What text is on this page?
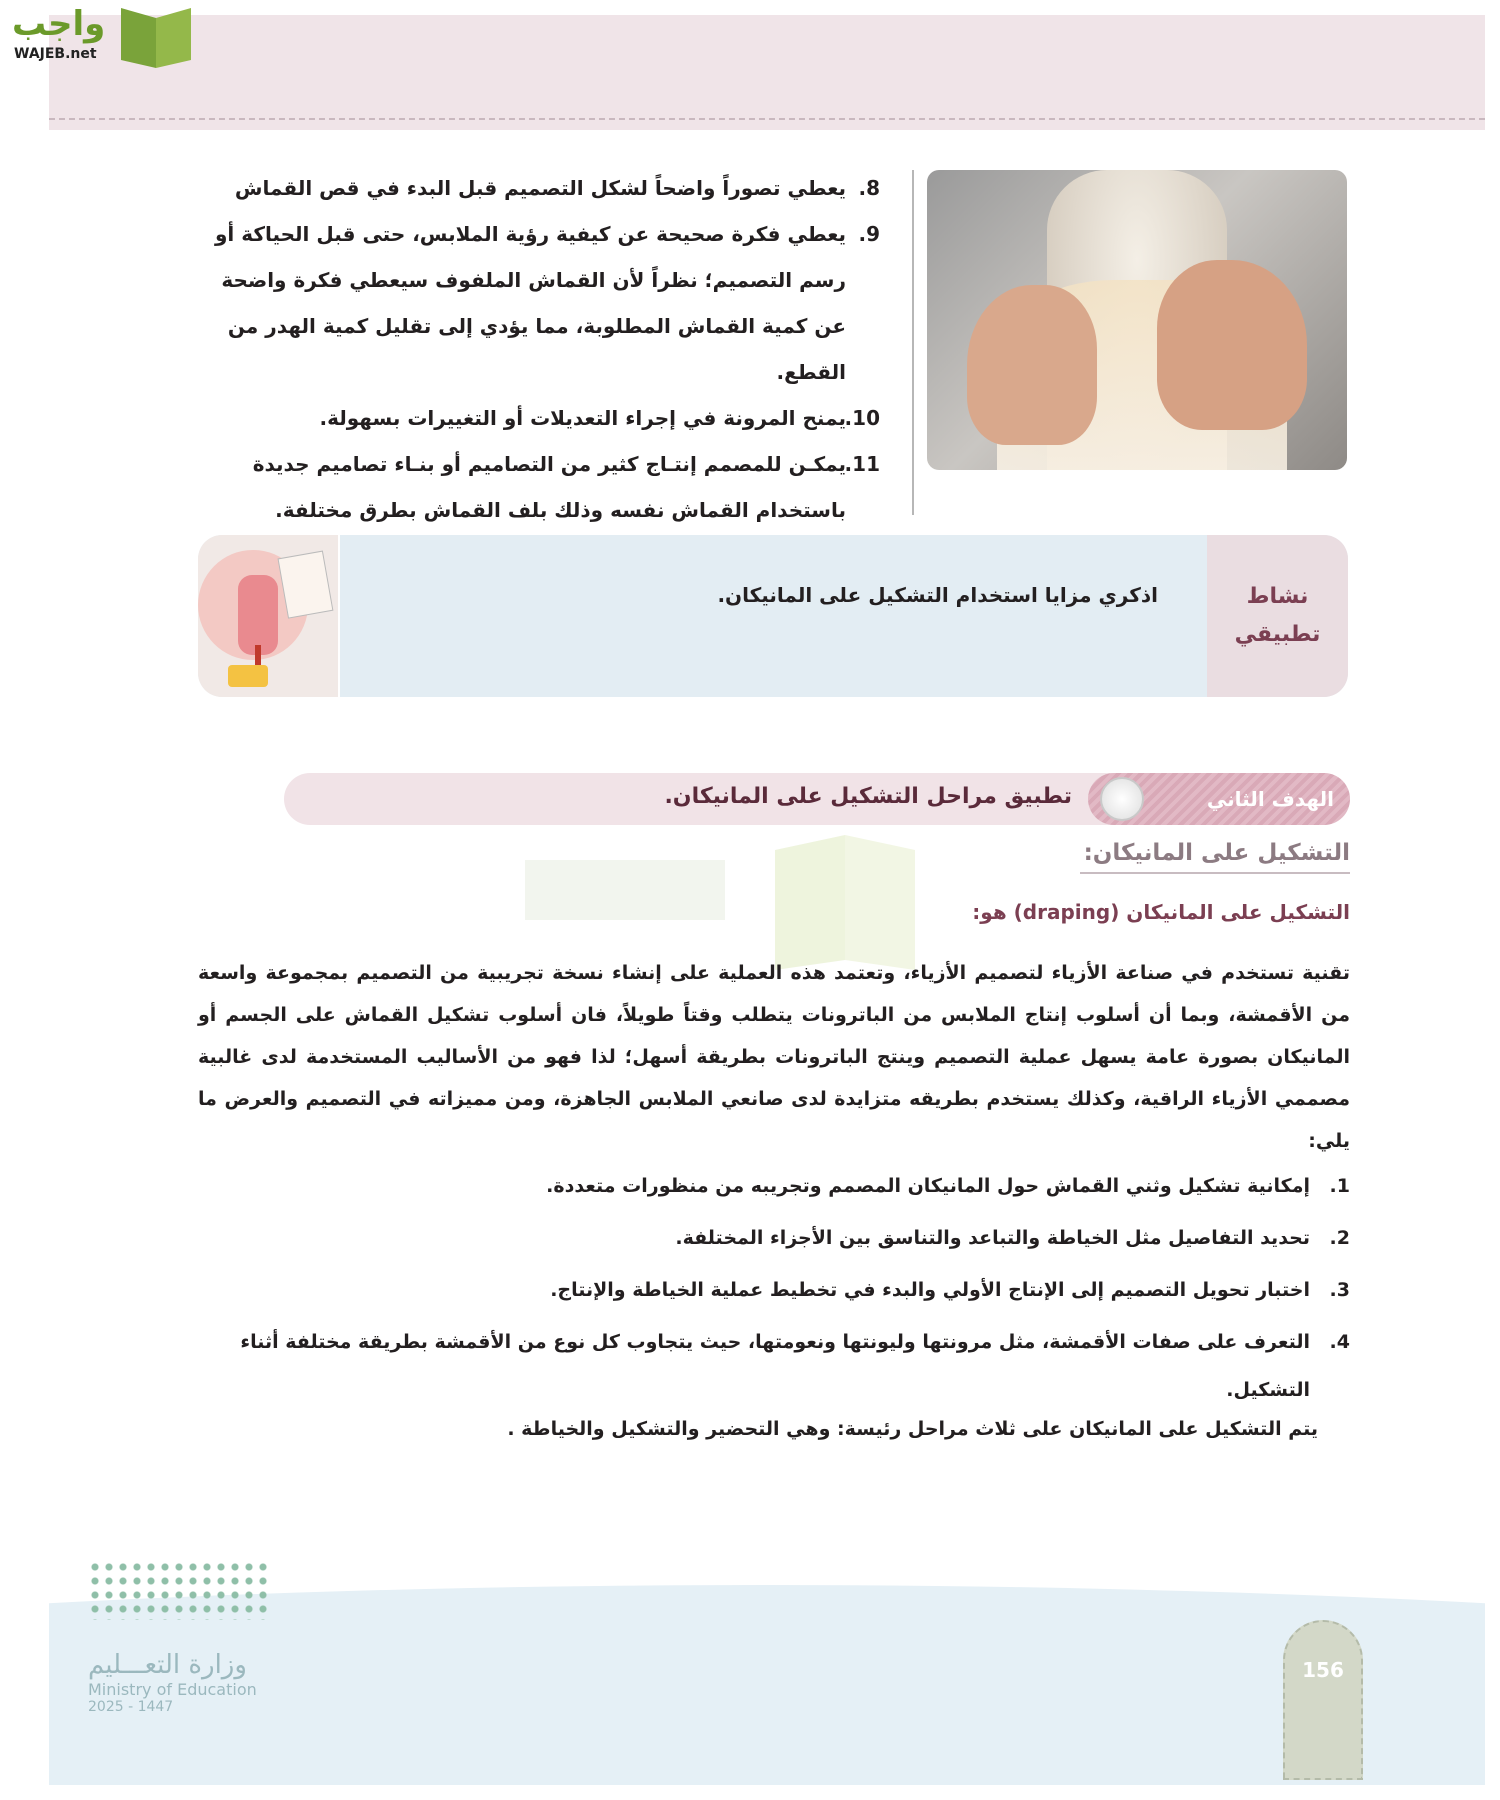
واجب
WAJEB.net
8.
يعطي تصوراً واضحاً لشكل التصميم قبل البدء في قص القماش
9.
يعطي فكرة صحيحة عن كيفية رؤية الملابس، حتى قبل الحياكة أو رسم التصميم؛ نظراً لأن القماش الملفوف سيعطي فكرة واضحة عن كمية القماش المطلوبة، مما يؤدي إلى تقليل كمية الهدر من القطع.
10.
يمنح المرونة في إجراء التعديلات أو التغييرات بسهولة.
11.
يمكـن للمصمم إنتـاج كثير من التصاميم أو بنـاء تصاميم جديدة باستخدام القماش نفسه وذلك بلف القماش بطرق مختلفة.
اذكري مزايا استخدام التشكيل على المانيكان.	نشاط
تطبيقي
الهدف الثاني
تطبيق مراحل التشكيل على المانيكان.
التشكيل على المانيكان:
التشكيل على المانيكان (draping) هو:
تقنية تستخدم في صناعة الأزياء لتصميم الأزياء، وتعتمد هذه العملية على إنشاء نسخة تجريبية من التصميم بمجموعة واسعة من الأقمشة، وبما أن أسلوب إنتاج الملابس من الباترونات يتطلب وقتاً طويلاً، فان أسلوب تشكيل القماش على الجسم أو المانيكان بصورة عامة يسهل عملية التصميم وينتج الباترونات بطريقة أسهل؛ لذا فهو من الأساليب المستخدمة لدى غالبية مصممي الأزياء الراقية، وكذلك يستخدم بطريقه متزايدة لدى صانعي الملابس الجاهزة، ومن مميزاته في التصميم والعرض ما يلي:
1.
إمكانية تشكيل وثني القماش حول المانيكان المصمم وتجريبه من منظورات متعددة.
2.
تحديد التفاصيل مثل الخياطة والتباعد والتناسق بين الأجزاء المختلفة.
3.
اختبار تحويل التصميم إلى الإنتاج الأولي والبدء في تخطيط عملية الخياطة والإنتاج.
4.
التعرف على صفات الأقمشة، مثل مرونتها وليونتها ونعومتها، حيث يتجاوب كل نوع من الأقمشة بطريقة مختلفة أثناء التشكيل.
يتم التشكيل على المانيكان على ثلاث مراحل رئيسة: وهي التحضير والتشكيل والخياطة .
وزارة التعـــليم
Ministry of Education
2025 - 1447
156
